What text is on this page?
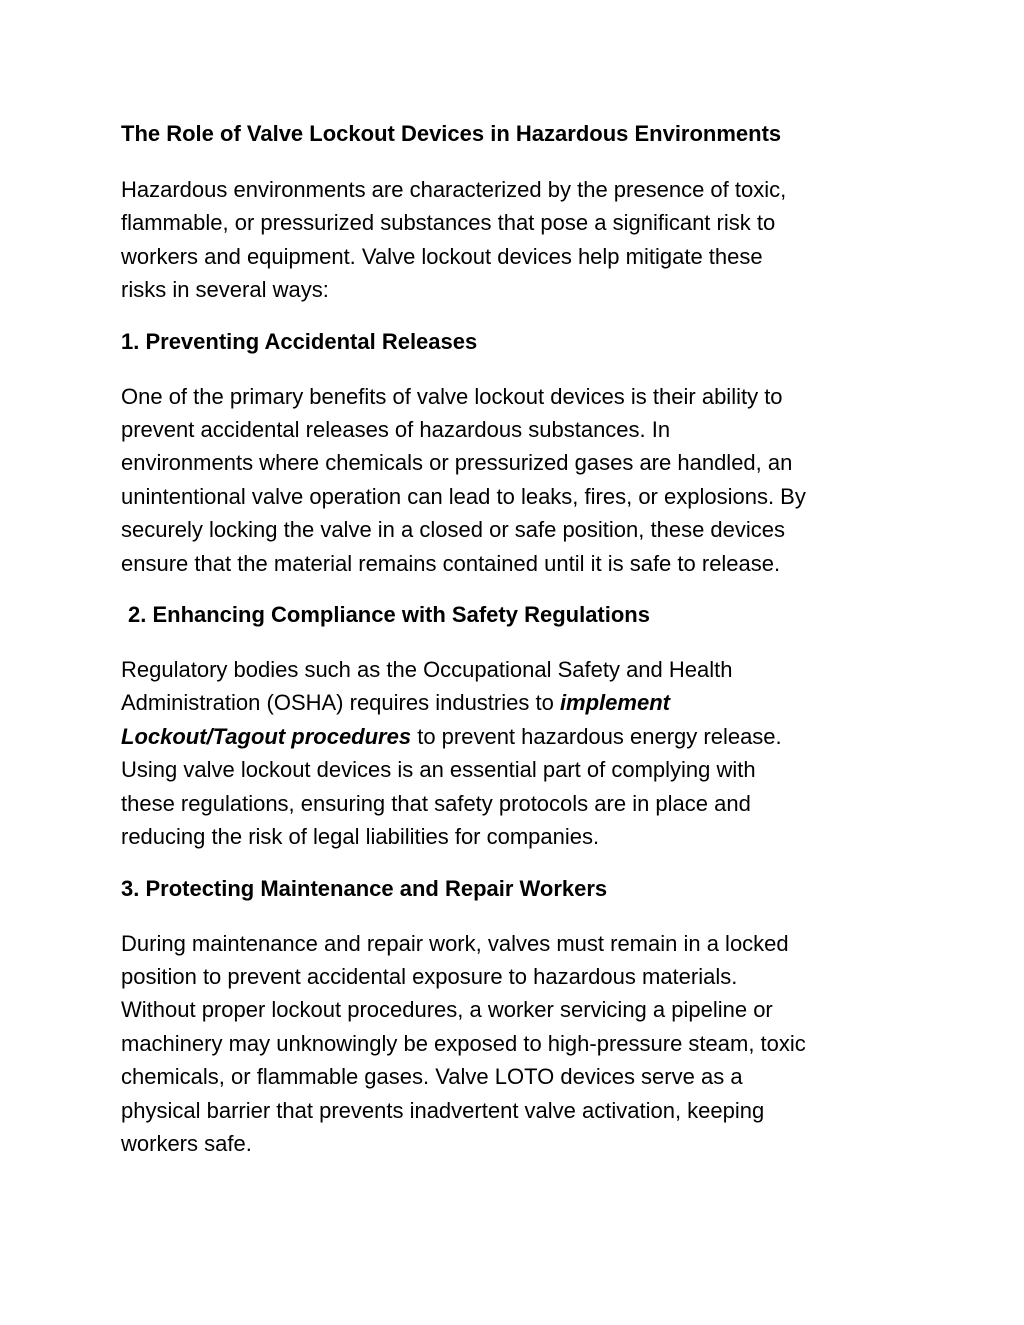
The Role of Valve Lockout Devices in Hazardous Environments

Hazardous environments are characterized by the presence of toxic,
flammable, or pressurized substances that pose a significant risk to
workers and equipment. Valve lockout devices help mitigate these
risks in several ways:

1. Preventing Accidental Releases

One of the primary benefits of valve lockout devices is their ability to
prevent accidental releases of hazardous substances. In
environments where chemicals or pressurized gases are handled, an
unintentional valve operation can lead to leaks, fires, or explosions. By
securely locking the valve in a closed or safe position, these devices
ensure that the material remains contained until it is safe to release.

2. Enhancing Compliance with Safety Regulations

Regulatory bodies such as the Occupational Safety and Health
Administration (OSHA) requires industries to implement
Lockout/Tagout procedures to prevent hazardous energy release.
Using valve lockout devices is an essential part of complying with
these regulations, ensuring that safety protocols are in place and
reducing the risk of legal liabilities for companies.

3. Protecting Maintenance and Repair Workers

During maintenance and repair work, valves must remain in a locked
position to prevent accidental exposure to hazardous materials.
Without proper lockout procedures, a worker servicing a pipeline or
machinery may unknowingly be exposed to high-pressure steam, toxic
chemicals, or flammable gases. Valve LOTO devices serve as a
physical barrier that prevents inadvertent valve activation, keeping
workers safe.
